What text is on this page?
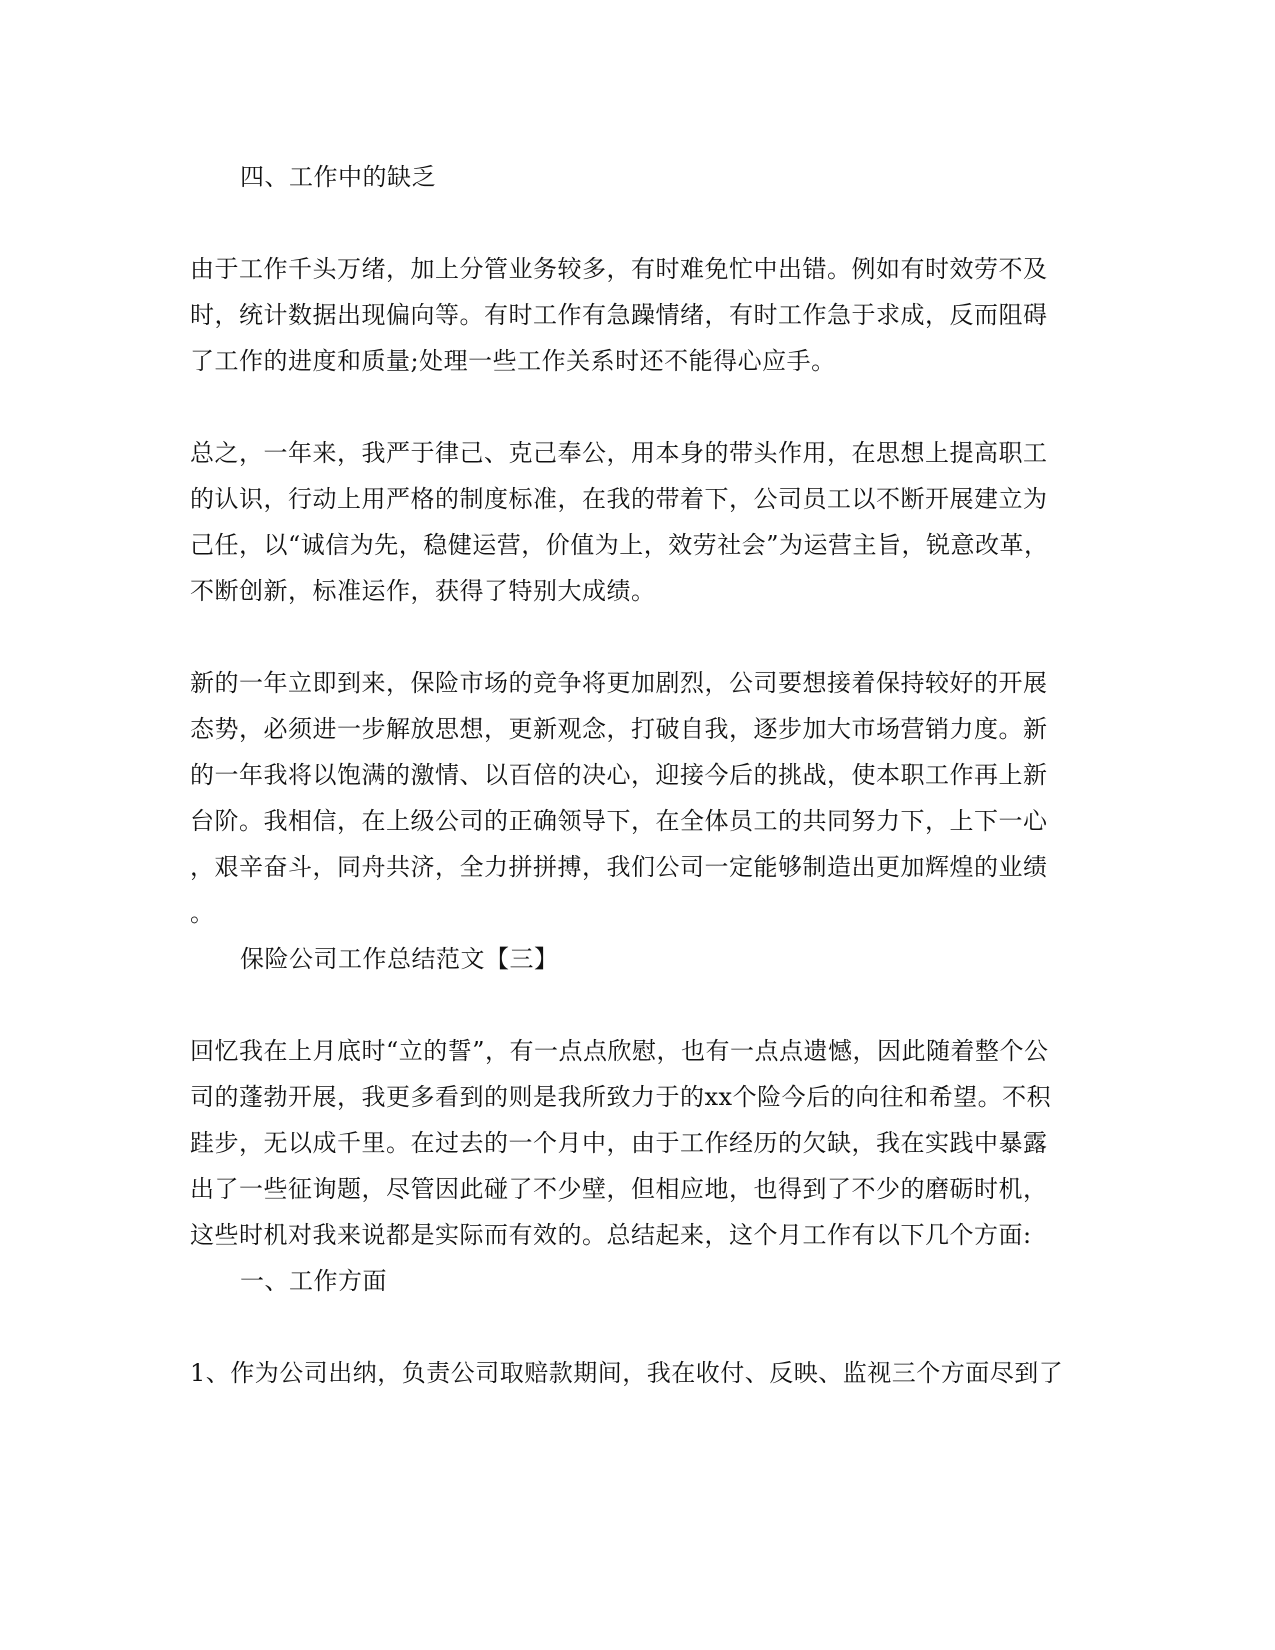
四、工作中的缺乏

由于工作千头万绪，加上分管业务较多，有时难免忙中出错。例如有时效劳不及

时，统计数据出现偏向等。有时工作有急躁情绪，有时工作急于求成，反而阻碍

了工作的进度和质量;处理一些工作关系时还不能得心应手。

总之，一年来，我严于律己、克己奉公，用本身的带头作用，在思想上提高职工

的认识，行动上用严格的制度标准，在我的带着下，公司员工以不断开展建立为

己任，以“诚信为先，稳健运营，价值为上，效劳社会”为运营主旨，锐意改革，

不断创新，标准运作，获得了特别大成绩。

新的一年立即到来，保险市场的竞争将更加剧烈，公司要想接着保持较好的开展

态势，必须进一步解放思想，更新观念，打破自我，逐步加大市场营销力度。新

的一年我将以饱满的激情、以百倍的决心，迎接今后的挑战，使本职工作再上新

台阶。我相信，在上级公司的正确领导下，在全体员工的共同努力下，上下一心

，艰辛奋斗，同舟共济，全力拼拼搏，我们公司一定能够制造出更加辉煌的业绩

。

保险公司工作总结范文【三】

回忆我在上月底时“立的誓”，有一点点欣慰，也有一点点遗憾，因此随着整个公

司的蓬勃开展，我更多看到的则是我所致力于的xx个险今后的向往和希望。不积

跬步，无以成千里。在过去的一个月中，由于工作经历的欠缺，我在实践中暴露

出了一些征询题，尽管因此碰了不少壁，但相应地，也得到了不少的磨砺时机，

这些时机对我来说都是实际而有效的。总结起来，这个月工作有以下几个方面:

一、工作方面

1、作为公司出纳，负责公司取赔款期间，我在收付、反映、监视三个方面尽到了
